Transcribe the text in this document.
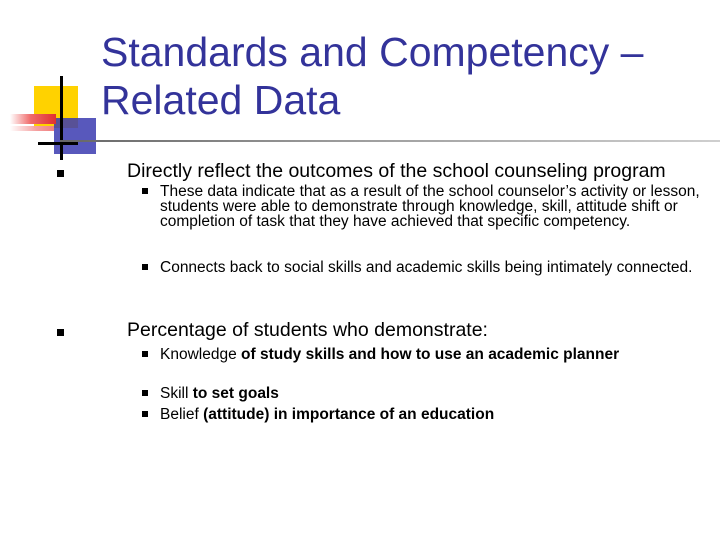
Standards and Competency –
Related Data
Directly reflect the outcomes of the school counseling program
These data indicate that as a result of the school counselor’s activity or lesson, students were able to demonstrate through knowledge, skill, attitude shift or completion of task that they have achieved that specific competency.
Connects back to social skills and academic skills being intimately connected.
Percentage of students who demonstrate:
Knowledge of study skills and how to use an academic planner
Skill to set goals
Belief (attitude) in importance of an education
